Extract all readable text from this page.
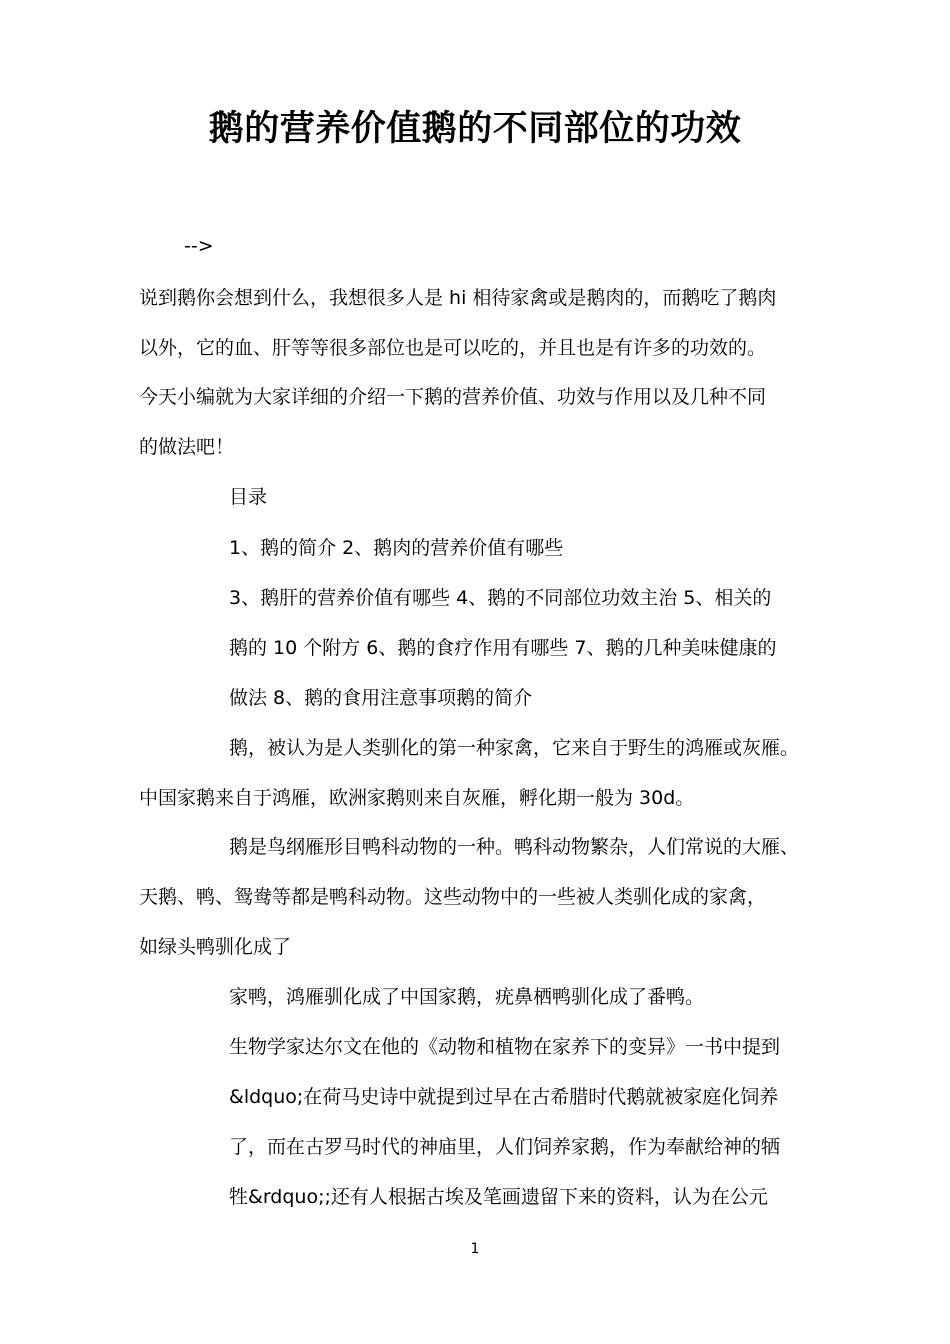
鹅的营养价值鹅的不同部位的功效
-->
说到鹅你会想到什么，我想很多人是 hi 相待家禽或是鹅肉的，而鹅吃了鹅肉
以外，它的血、肝等等很多部位也是可以吃的，并且也是有许多的功效的。
今天小编就为大家详细的介绍一下鹅的营养价值、功效与作用以及几种不同
的做法吧！
目录
1、鹅的简介 2、鹅肉的营养价值有哪些
3、鹅肝的营养价值有哪些 4、鹅的不同部位功效主治 5、相关的
鹅的 10 个附方 6、鹅的食疗作用有哪些 7、鹅的几种美味健康的
做法 8、鹅的食用注意事项鹅的简介
鹅，被认为是人类驯化的第一种家禽，它来自于野生的鸿雁或灰雁。
中国家鹅来自于鸿雁，欧洲家鹅则来自灰雁，孵化期一般为 30d。
鹅是鸟纲雁形目鸭科动物的一种。鸭科动物繁杂，人们常说的大雁、
天鹅、鸭、鸳鸯等都是鸭科动物。这些动物中的一些被人类驯化成的家禽，
如绿头鸭驯化成了
家鸭，鸿雁驯化成了中国家鹅，疣鼻栖鸭驯化成了番鸭。
生物学家达尔文在他的《动物和植物在家养下的变异》一书中提到
&ldquo;在荷马史诗中就提到过早在古希腊时代鹅就被家庭化饲养
了，而在古罗马时代的神庙里，人们饲养家鹅，作为奉献给神的牺
牲&rdquo;;还有人根据古埃及笔画遗留下来的资料，认为在公元
1
